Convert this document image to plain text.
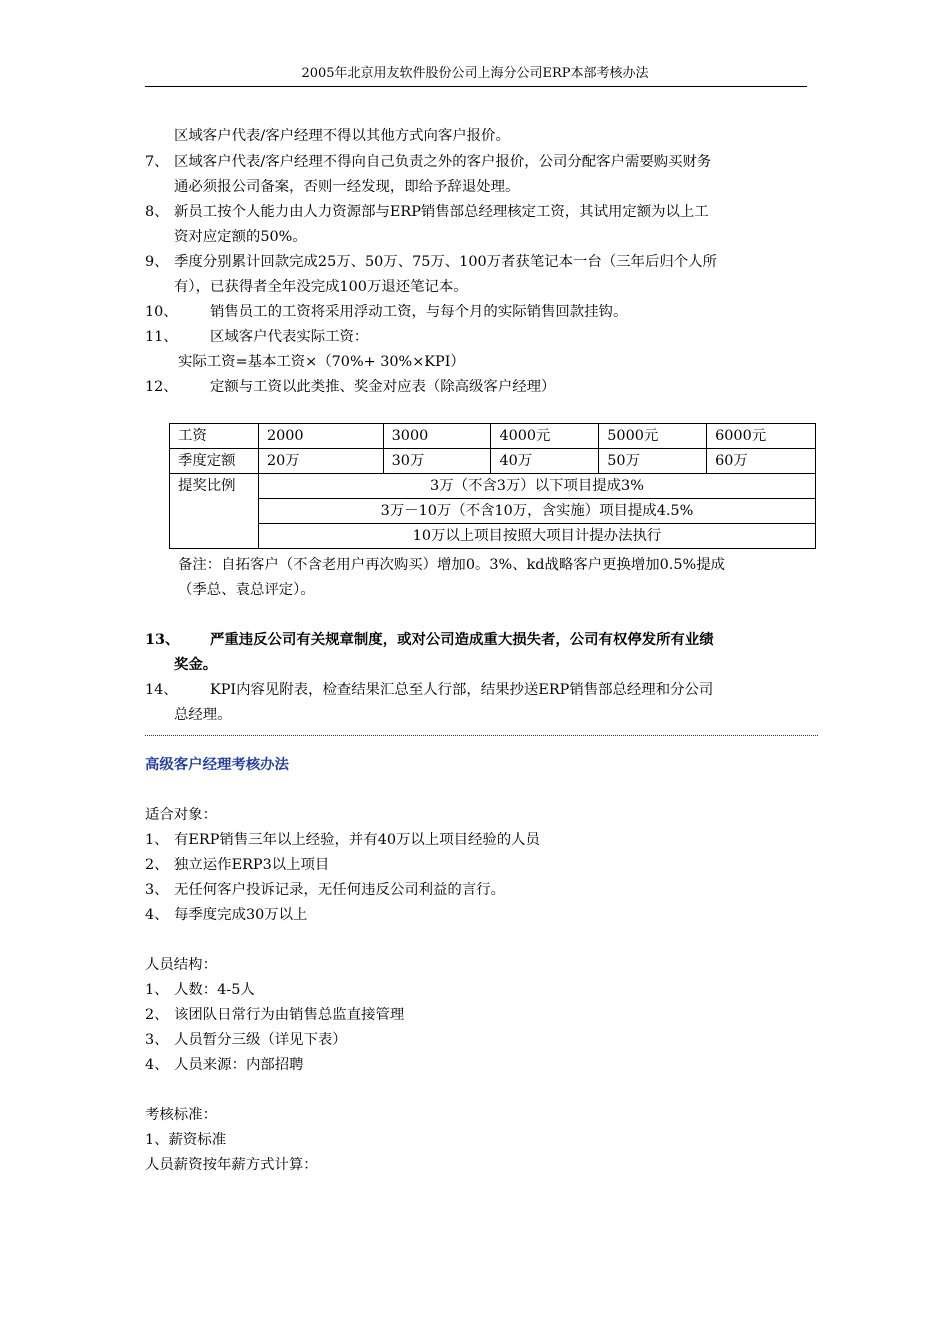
2005年北京用友软件股份公司上海分公司ERP本部考核办法
区域客户代表/客户经理不得以其他方式向客户报价。
7、 区域客户代表/客户经理不得向自己负责之外的客户报价，公司分配客户需要购买财务
通必须报公司备案，否则一经发现，即给予辞退处理。
8、 新员工按个人能力由人力资源部与ERP销售部总经理核定工资，其试用定额为以上工
资对应定额的50%。
9、 季度分别累计回款完成25万、50万、75万、100万者获笔记本一台（三年后归个人所
有），已获得者全年没完成100万退还笔记本。
10、 销售员工的工资将采用浮动工资，与每个月的实际销售回款挂钩。
11、 区域客户代表实际工资：
实际工资=基本工资×（70%+ 30%×KPI）
12、 定额与工资以此类推、奖金对应表（除高级客户经理）
工资	2000	3000	4000元	5000元	6000元
季度定额	20万	30万	40万	50万	60万
提奖比例	3万（不含3万）以下项目提成3%				
	3万－10万（不含10万，含实施）项目提成4.5%				
	10万以上项目按照大项目计提办法执行				
备注：自拓客户（不含老用户再次购买）增加0。3%、kd战略客户更换增加0.5%提成
（季总、袁总评定）。
13、 严重违反公司有关规章制度，或对公司造成重大损失者，公司有权停发所有业绩
奖金。
14、 KPI内容见附表，检查结果汇总至人行部，结果抄送ERP销售部总经理和分公司
总经理。
高级客户经理考核办法
适合对象：
1、 有ERP销售三年以上经验，并有40万以上项目经验的人员
2、 独立运作ERP3以上项目
3、 无任何客户投诉记录，无任何违反公司利益的言行。
4、 每季度完成30万以上
人员结构：
1、 人数：4-5人
2、 该团队日常行为由销售总监直接管理
3、 人员暂分三级（详见下表）
4、 人员来源：内部招聘
考核标准：
1、薪资标准
人员薪资按年薪方式计算：
